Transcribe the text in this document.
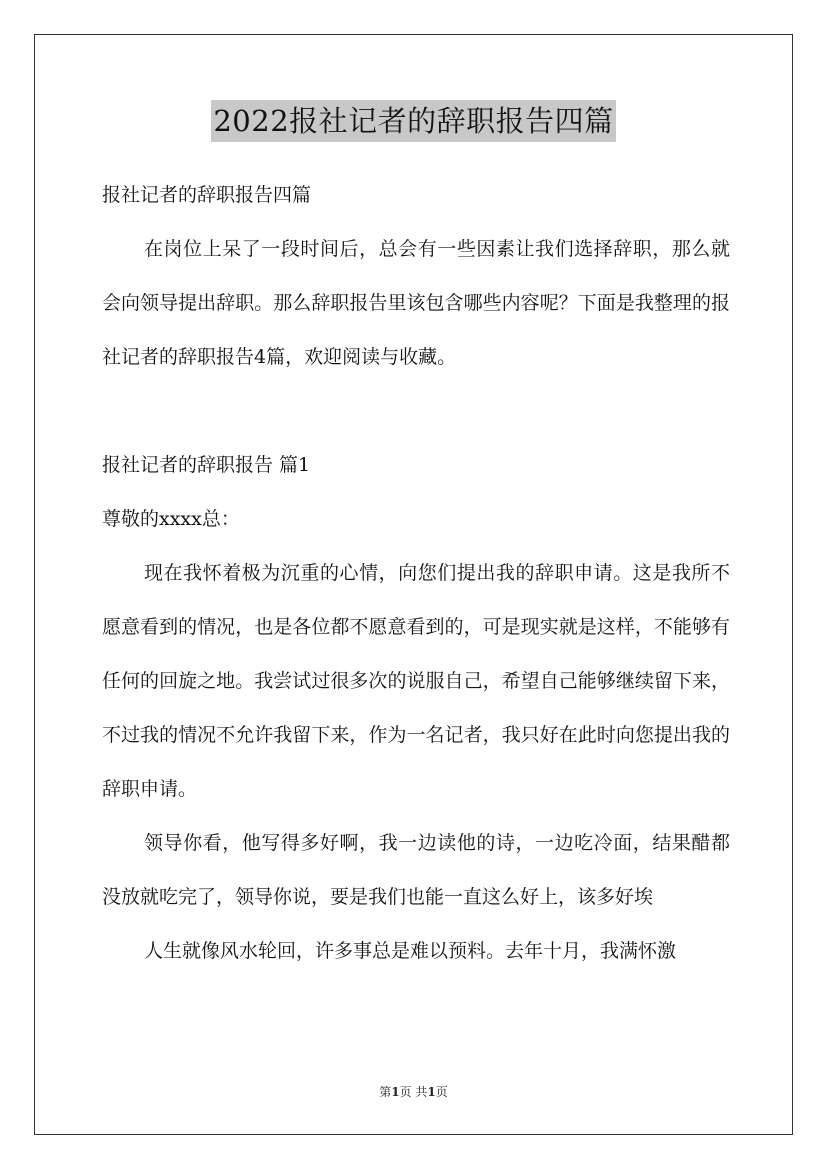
2022报社记者的辞职报告四篇

报社记者的辞职报告四篇

在岗位上呆了一段时间后，总会有一些因素让我们选择辞职，那么就会向领导提出辞职。那么辞职报告里该包含哪些内容呢？下面是我整理的报社记者的辞职报告4篇，欢迎阅读与收藏。

报社记者的辞职报告 篇1

尊敬的xxxx总：

现在我怀着极为沉重的心情，向您们提出我的辞职申请。这是我所不愿意看到的情况，也是各位都不愿意看到的，可是现实就是这样，不能够有任何的回旋之地。我尝试过很多次的说服自己，希望自己能够继续留下来，不过我的情况不允许我留下来，作为一名记者，我只好在此时向您提出我的辞职申请。

领导你看，他写得多好啊，我一边读他的诗，一边吃冷面，结果醋都没放就吃完了，领导你说，要是我们也能一直这么好上，该多好埃

人生就像风水轮回，许多事总是难以预料。去年十月，我满怀激

第1页 共1页
